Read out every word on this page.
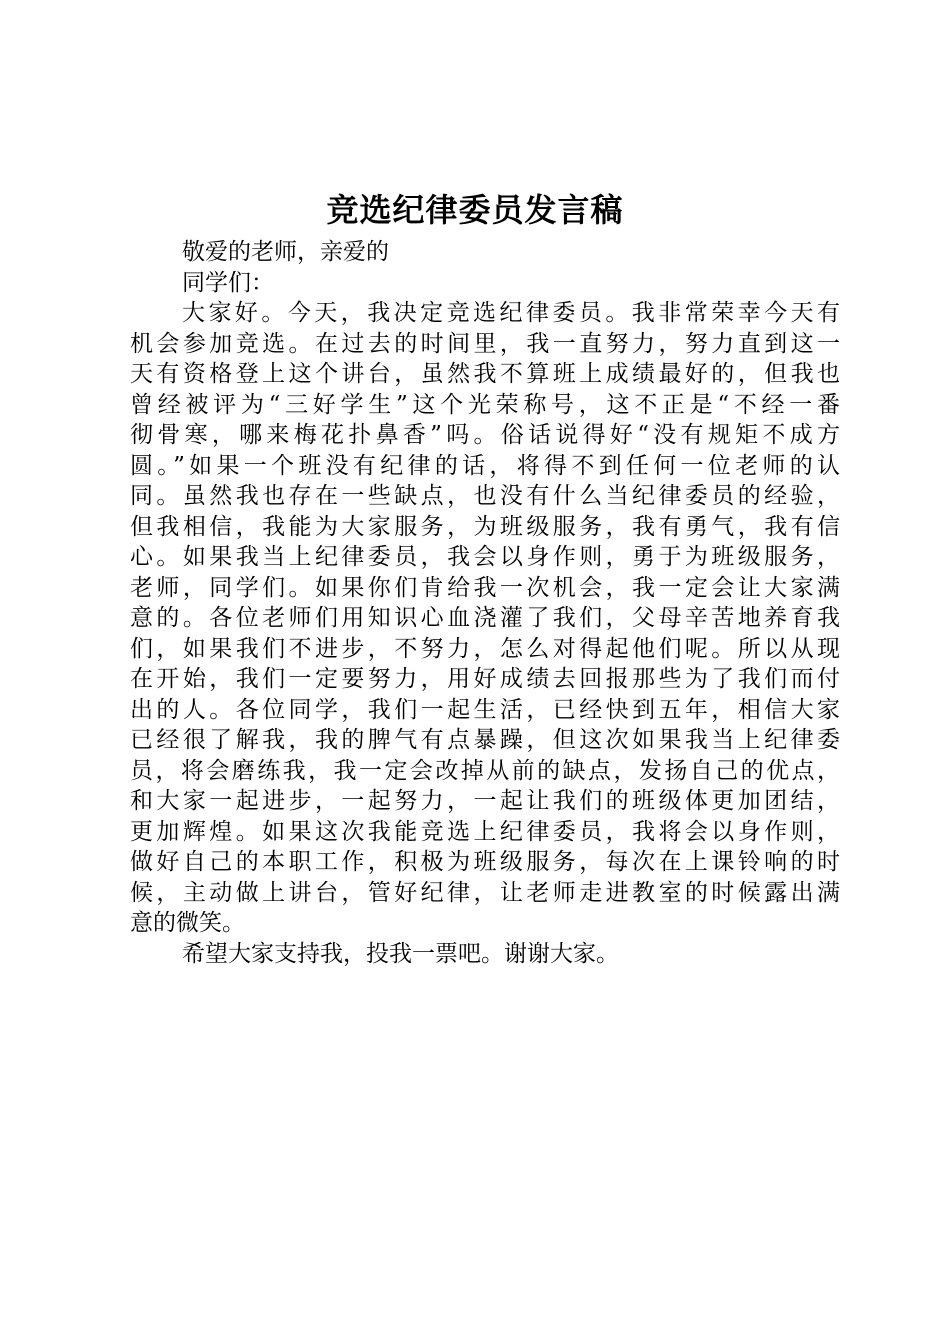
竞选纪律委员发言稿
敬爱的老师，亲爱的
同学们：
大家好。今天，我决定竞选纪律委员。我非常荣幸今天有
机会参加竞选。在过去的时间里，我一直努力，努力直到这一
天有资格登上这个讲台，虽然我不算班上成绩最好的，但我也
曾经被评为“三好学生”这个光荣称号，这不正是“不经一番
彻骨寒，哪来梅花扑鼻香”吗。俗话说得好“没有规矩不成方
圆。”如果一个班没有纪律的话，将得不到任何一位老师的认
同。虽然我也存在一些缺点，也没有什么当纪律委员的经验，
但我相信，我能为大家服务，为班级服务，我有勇气，我有信
心。如果我当上纪律委员，我会以身作则，勇于为班级服务，
老师，同学们。如果你们肯给我一次机会，我一定会让大家满
意的。各位老师们用知识心血浇灌了我们，父母辛苦地养育我
们，如果我们不进步，不努力，怎么对得起他们呢。所以从现
在开始，我们一定要努力，用好成绩去回报那些为了我们而付
出的人。各位同学，我们一起生活，已经快到五年，相信大家
已经很了解我，我的脾气有点暴躁，但这次如果我当上纪律委
员，将会磨练我，我一定会改掉从前的缺点，发扬自己的优点，
和大家一起进步，一起努力，一起让我们的班级体更加团结，
更加辉煌。如果这次我能竞选上纪律委员，我将会以身作则，
做好自己的本职工作，积极为班级服务，每次在上课铃响的时
候，主动做上讲台，管好纪律，让老师走进教室的时候露出满
意的微笑。
希望大家支持我，投我一票吧。谢谢大家。
